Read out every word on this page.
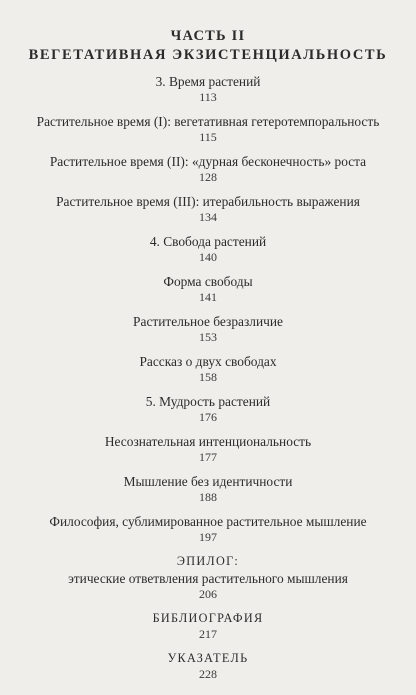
ЧАСТЬ II
ВЕГЕТАТИВНАЯ ЭКЗИСТЕНЦИАЛЬНОСТЬ
3. Время растений
113
Растительное время (I): вегетативная гетеротемпоральность
115
Растительное время (II): «дурная бесконечность» роста
128
Растительное время (III): итерабильность выражения
134
4. Свобода растений
140
Форма свободы
141
Растительное безразличие
153
Рассказ о двух свободах
158
5. Мудрость растений
176
Несознательная интенциональность
177
Мышление без идентичности
188
Философия, сублимированное растительное мышление
197
ЭПИЛОГ:
этические ответвления растительного мышления
206
БИБЛИОГРАФИЯ
217
УКАЗАТЕЛЬ
228
